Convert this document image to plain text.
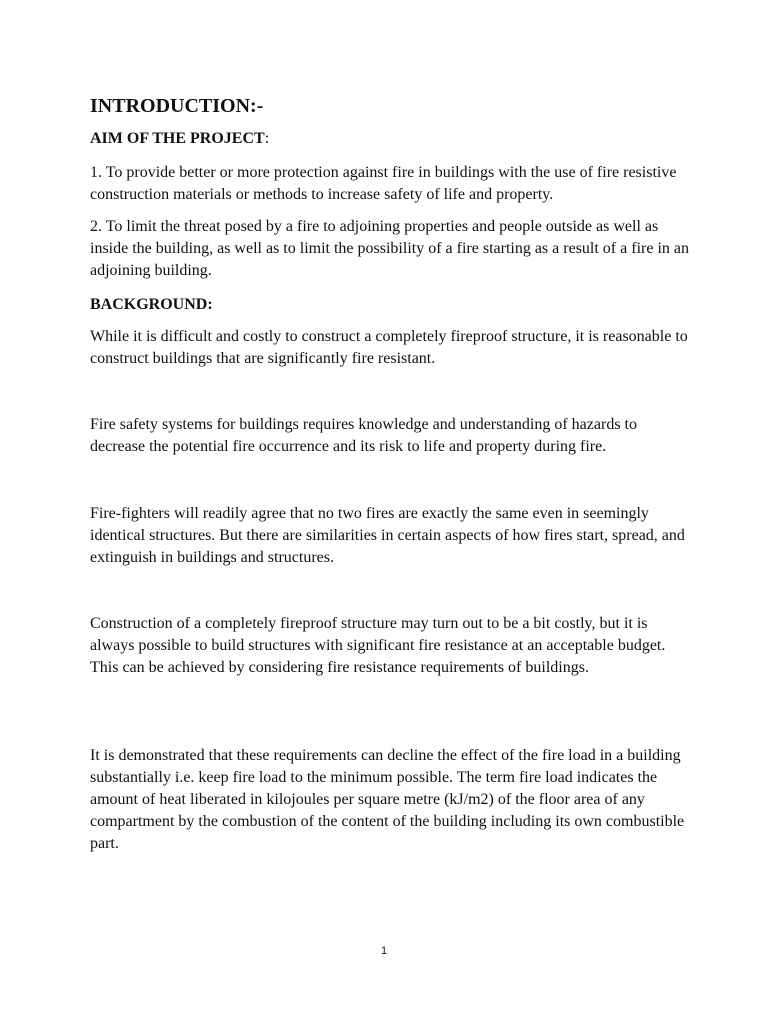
INTRODUCTION:-
AIM OF THE PROJECT:

1. To provide better or more protection against fire in buildings with the use of fire resistive construction materials or methods to increase safety of life and property.

2. To limit the threat posed by a fire to adjoining properties and people outside as well as inside the building, as well as to limit the possibility of a fire starting as a result of a fire in an adjoining building.

BACKGROUND:

While it is difficult and costly to construct a completely fireproof structure, it is reasonable to construct buildings that are significantly fire resistant.

Fire safety systems for buildings requires knowledge and understanding of hazards to decrease the potential fire occurrence and its risk to life and property during fire.

Fire-fighters will readily agree that no two fires are exactly the same even in seemingly identical structures. But there are similarities in certain aspects of how fires start, spread, and extinguish in buildings and structures.

Construction of a completely fireproof structure may turn out to be a bit costly, but it is always possible to build structures with significant fire resistance at an acceptable budget. This can be achieved by considering fire resistance requirements of buildings.

It is demonstrated that these requirements can decline the effect of the fire load in a building substantially i.e. keep fire load to the minimum possible. The term fire load indicates the amount of heat liberated in kilojoules per square metre (kJ/m2) of the floor area of any compartment by the combustion of the content of the building including its own combustible part.

1
